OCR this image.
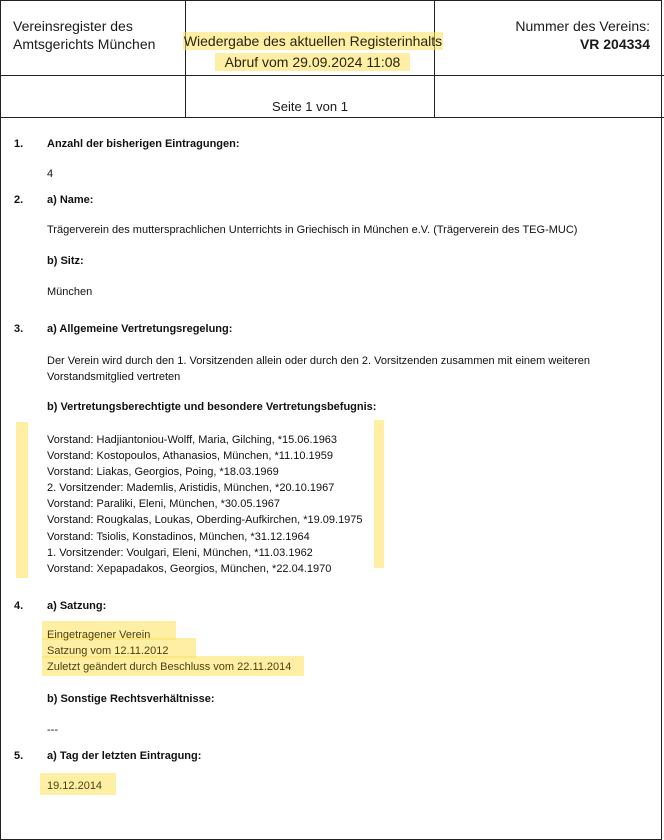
Vereinsregister des
Amtsgerichts München Wiedergabe des aktuellen Registerinhalts
Abruf vom 29.09.2024 11:08
Nummer des Vereins:
VR 204334
Seite 1 von 1
1. Anzahl der bisherigen Eintragungen:
4
2. a) Name:
Trägerverein des muttersprachlichen Unterrichts in Griechisch in München e.V. (Trägerverein des TEG-MUC)
b) Sitz:
München
3. a) Allgemeine Vertretungsregelung:
Der Verein wird durch den 1. Vorsitzenden allein oder durch den 2. Vorsitzenden zusammen mit einem weiteren
Vorstandsmitglied vertreten
b) Vertretungsberechtigte und besondere Vertretungsbefugnis:
Vorstand: Hadjiantoniou-Wolff, Maria, Gilching, *15.06.1963
Vorstand: Kostopoulos, Athanasios, München, *11.10.1959
Vorstand: Liakas, Georgios, Poing, *18.03.1969
2. Vorsitzender: Mademlis, Aristidis, München, *20.10.1967
Vorstand: Paraliki, Eleni, München, *30.05.1967
Vorstand: Rougkalas, Loukas, Oberding-Aufkirchen, *19.09.1975
Vorstand: Tsiolis, Konstadinos, München, *31.12.1964
1. Vorsitzender: Voulgari, Eleni, München, *11.03.1962
Vorstand: Xepapadakos, Georgios, München, *22.04.1970
4. a) Satzung:
Eingetragener Verein
Satzung vom 12.11.2012
Zuletzt geändert durch Beschluss vom 22.11.2014
b) Sonstige Rechtsverhältnisse:
---
5. a) Tag der letzten Eintragung:
19.12.2014
